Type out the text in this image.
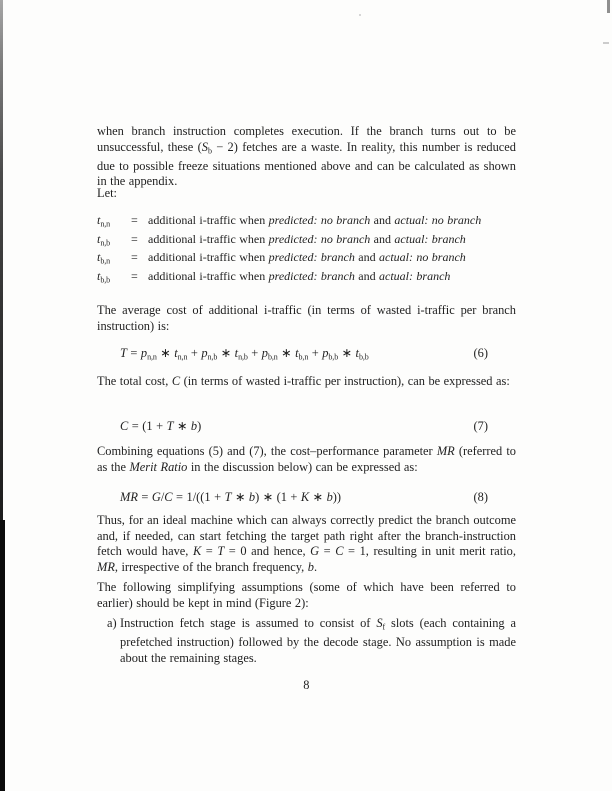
when branch instruction completes execution. If the branch turns out to be unsuccessful, these $(S_b - 2)$ fetches are a waste. In reality, this number is reduced due to possible freeze situations mentioned above and can be calculated as shown in the appendix.
Let:
$t_{n,n}$	= additional i-traffic when predicted: no branch and actual: no branch
$t_{n,b}$	= additional i-traffic when predicted: no branch and actual: branch
$t_{b,n}$	= additional i-traffic when predicted: branch and actual: no branch
$t_{b,b}$	= additional i-traffic when predicted: branch and actual: branch
The average cost of additional i-traffic (in terms of wasted i-traffic per branch instruction) is:
$T = p_{n,n}$ ∗ $t_{n,n} + p_{n,b}$ ∗ $t_{n,b} + p_{b,n}$ ∗ $t_{b,n} + p_{b,b}$ ∗ $t_{b,b}$	(6)
The total cost, C (in terms of wasted i-traffic per instruction), can be expressed as:
C = (1 + T ∗ b)	(7)
Combining equations (5) and (7), the cost–performance parameter MR (referred to as the Merit Ratio in the discussion below) can be expressed as:
MR = G/C = 1/((1 + T ∗ b) ∗ (1 + K ∗ b))	(8)
Thus, for an ideal machine which can always correctly predict the branch outcome and, if needed, can start fetching the target path right after the branch-instruction fetch would have, K = T = 0 and hence, G = C = 1, resulting in unit merit ratio, MR, irrespective of the branch frequency, b.
The following simplifying assumptions (some of which have been referred to earlier) should be kept in mind (Figure 2):
a) Instruction fetch stage is assumed to consist of $S_f$ slots (each containing a prefetched instruction) followed by the decode stage. No assumption is made about the remaining stages.
8
